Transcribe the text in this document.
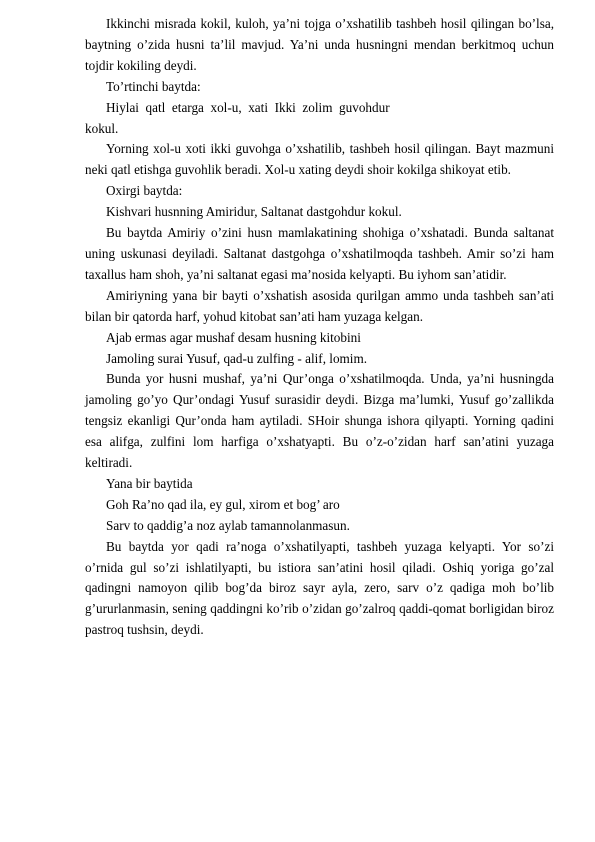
Ikkinchi misrada kokil, kuloh, ya’ni tojga o’xshatilib tashbeh hosil qilingan bo’lsa, baytning o’zida husni ta’lil mavjud. Ya’ni unda husningni mendan berkitmoq uchun tojdir kokiling deydi.

To’rtinchi baytda:

Hiylai  qatl  etarga  xol-u,  xati  Ikki  zolim  guvohdur

kokul.

Yorning xol-u xoti ikki guvohga o’xshatilib, tashbeh hosil qilingan. Bayt mazmuni neki qatl etishga guvohlik beradi. Xol-u xating deydi shoir kokilga shikoyat etib.

Oxirgi baytda:

Kishvari husnning Amiridur, Saltanat dastgohdur kokul.

Bu baytda Amiriy o’zini husn mamlakatining shohiga o’xshatadi. Bunda saltanat uning uskunasi deyiladi. Saltanat dastgohga o’xshatilmoqda tashbeh. Amir so’zi ham taxallus ham shoh, ya’ni saltanat egasi ma’nosida kelyapti. Bu iyhom san’atidir.

Amiriyning yana bir bayti o’xshatish asosida qurilgan ammo unda tashbeh san’ati bilan bir qatorda harf, yohud kitobat san’ati ham yuzaga kelgan.

Ajab ermas agar mushaf desam husning kitobini

Jamoling surai Yusuf, qad-u zulfing - alif, lomim.

Bunda yor husni mushaf, ya’ni Qur’onga o’xshatilmoqda. Unda, ya’ni husningda jamoling go’yo Qur’ondagi Yusuf surasidir deydi. Bizga ma’lumki, Yusuf go’zallikda tengsiz ekanligi Qur’onda ham aytiladi. SHoir shunga ishora qilyapti. Yorning qadini esa alifga, zulfini lom harfiga o’xshatyapti. Bu o’z-o’zidan harf san’atini yuzaga keltiradi.

Yana bir baytida

Goh Ra’no qad ila, ey gul, xirom et bog’ aro

Sarv to qaddig’a noz aylab tamannolanmasun.

Bu baytda yor qadi ra’noga o’xshatilyapti, tashbeh yuzaga kelyapti. Yor so’zi o’rnida gul so’zi ishlatilyapti, bu istiora san’atini hosil qiladi. Oshiq yoriga go’zal qadingni namoyon qilib bog’da biroz sayr ayla, zero, sarv o’z qadiga moh bo’lib g’ururlanmasin, sening qaddingni ko’rib o’zidan go’zalroq qaddi-qomat borligidan biroz pastroq tushsin, deydi.
